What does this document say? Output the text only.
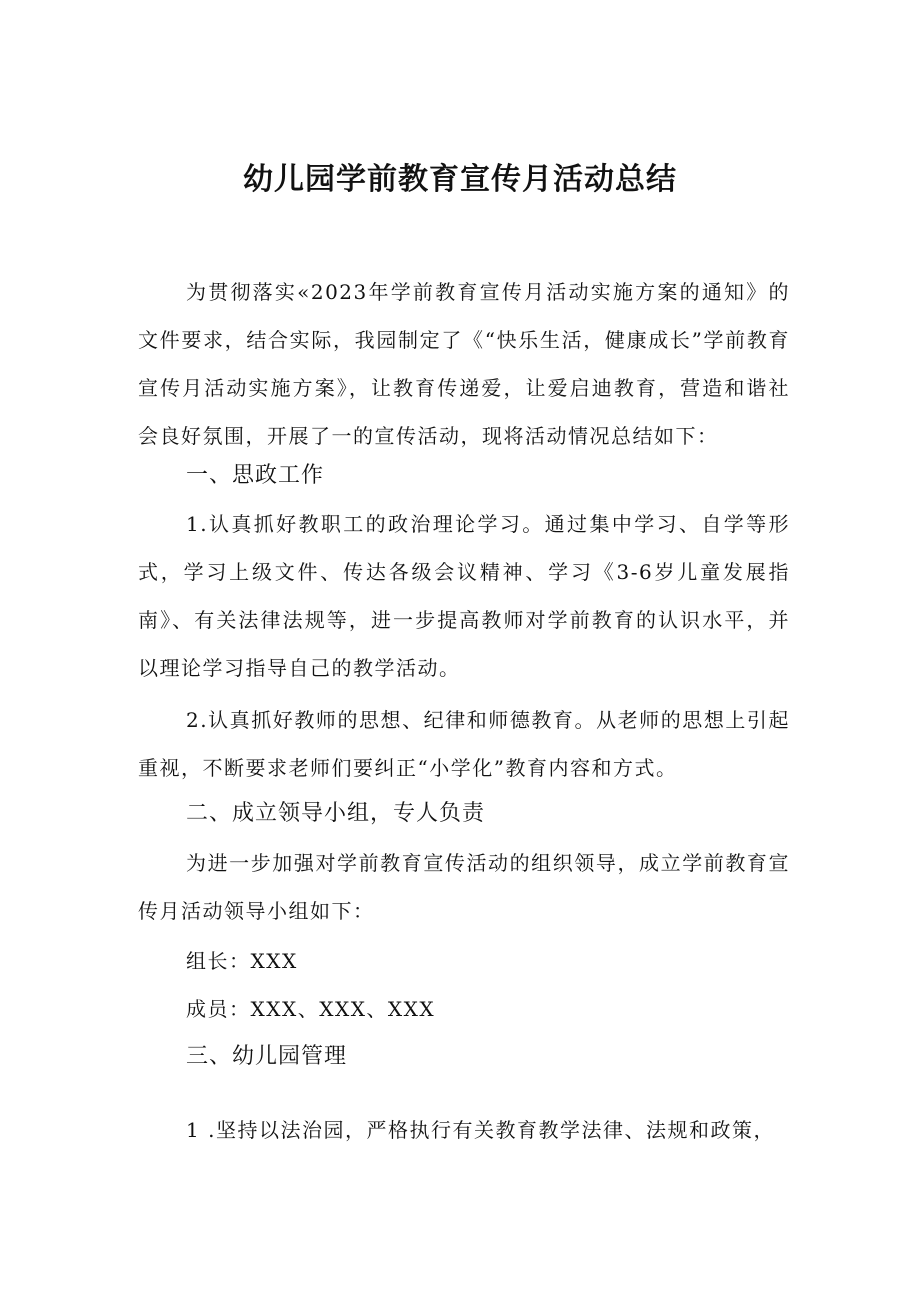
幼儿园学前教育宣传月活动总结

为贯彻落实«2023年学前教育宣传月活动实施方案的通知》的文件要求，结合实际，我园制定了《“快乐生活，健康成长”学前教育宣传月活动实施方案》，让教育传递爱，让爱启迪教育，营造和谐社会良好氛围，开展了一的宣传活动，现将活动情况总结如下：

一、思政工作

1.认真抓好教职工的政治理论学习。通过集中学习、自学等形式，学习上级文件、传达各级会议精神、学习《3-6岁儿童发展指南》、有关法律法规等，进一步提高教师对学前教育的认识水平，并以理论学习指导自己的教学活动。

2.认真抓好教师的思想、纪律和师德教育。从老师的思想上引起重视，不断要求老师们要纠正“小学化”教育内容和方式。

二、成立领导小组，专人负责

为进一步加强对学前教育宣传活动的组织领导，成立学前教育宣传月活动领导小组如下：

组长：XXX

成员：XXX、XXX、XXX

三、幼儿园管理

1 .坚持以法治园，严格执行有关教育教学法律、法规和政策，
